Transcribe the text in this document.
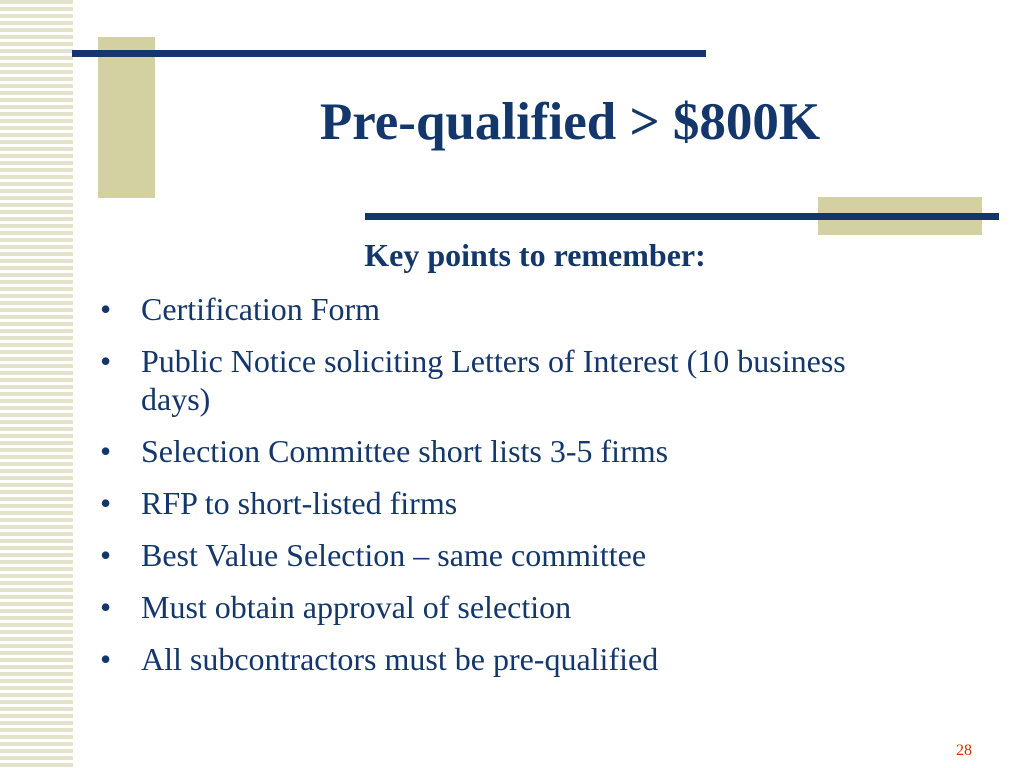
Pre-qualified > $800K
Key points to remember:
• Certification Form
• Public Notice soliciting Letters of Interest (10 business days)
• Selection Committee short lists 3-5 firms
• RFP to short-listed firms
• Best Value Selection – same committee
• Must obtain approval of selection
• All subcontractors must be pre-qualified
28
